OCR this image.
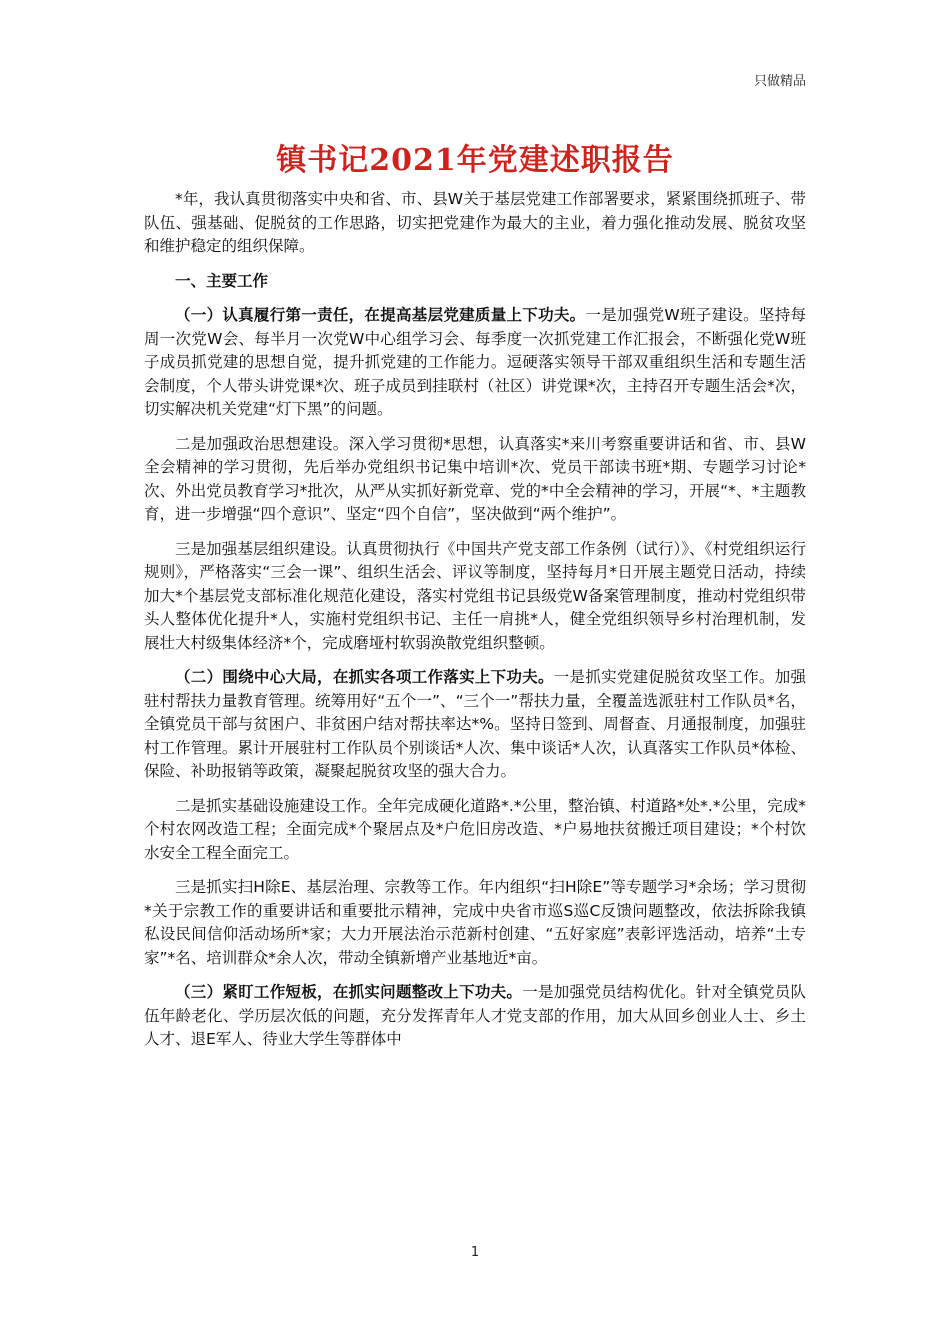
只做精品
镇书记2021年党建述职报告

*年，我认真贯彻落实中央和省、市、县W关于基层党建工作部署要求，紧紧围绕抓班子、带队伍、强基础、促脱贫的工作思路，切实把党建作为最大的主业，着力强化推动发展、脱贫攻坚和维护稳定的组织保障。

一、主要工作

（一）认真履行第一责任，在提高基层党建质量上下功夫。一是加强党W班子建设。坚持每周一次党W会、每半月一次党W中心组学习会、每季度一次抓党建工作汇报会，不断强化党W班子成员抓党建的思想自觉，提升抓党建的工作能力。逗硬落实领导干部双重组织生活和专题生活会制度，个人带头讲党课*次、班子成员到挂联村（社区）讲党课*次，主持召开专题生活会*次，切实解决机关党建“灯下黑”的问题。

二是加强政治思想建设。深入学习贯彻*思想，认真落实*来川考察重要讲话和省、市、县W全会精神的学习贯彻，先后举办党组织书记集中培训*次、党员干部读书班*期、专题学习讨论*次、外出党员教育学习*批次，从严从实抓好新党章、党的*中全会精神的学习，开展“*、*主题教育，进一步增强“四个意识”、坚定“四个自信”，坚决做到“两个维护”。

三是加强基层组织建设。认真贯彻执行《中国共产党支部工作条例（试行）》、《村党组织运行规则》，严格落实“三会一课”、组织生活会、评议等制度，坚持每月*日开展主题党日活动，持续加大*个基层党支部标准化规范化建设，落实村党组书记县级党W备案管理制度，推动村党组织带头人整体优化提升*人，实施村党组织书记、主任一肩挑*人，健全党组织领导乡村治理机制，发展壮大村级集体经济*个，完成磨垭村软弱涣散党组织整顿。

（二）围绕中心大局，在抓实各项工作落实上下功夫。一是抓实党建促脱贫攻坚工作。加强驻村帮扶力量教育管理。统筹用好“五个一”、“三个一”帮扶力量，全覆盖选派驻村工作队员*名，全镇党员干部与贫困户、非贫困户结对帮扶率达*%。坚持日签到、周督查、月通报制度，加强驻村工作管理。累计开展驻村工作队员个别谈话*人次、集中谈话*人次，认真落实工作队员*体检、保险、补助报销等政策，凝聚起脱贫攻坚的强大合力。

二是抓实基础设施建设工作。全年完成硬化道路*.*公里，整治镇、村道路*处*.*公里，完成*个村农网改造工程；全面完成*个聚居点及*户危旧房改造、*户易地扶贫搬迁项目建设；*个村饮水安全工程全面完工。

三是抓实扫H除E、基层治理、宗教等工作。年内组织“扫H除E”等专题学习*余场；学习贯彻*关于宗教工作的重要讲话和重要批示精神，完成中央省市巡S巡C反馈问题整改，依法拆除我镇私设民间信仰活动场所*家；大力开展法治示范新村创建、“五好家庭”表彰评选活动，培养“土专家”*名、培训群众*余人次，带动全镇新增产业基地近*亩。

（三）紧盯工作短板，在抓实问题整改上下功夫。一是加强党员结构优化。针对全镇党员队伍年龄老化、学历层次低的问题，充分发挥青年人才党支部的作用，加大从回乡创业人士、乡土人才、退E军人、待业大学生等群体中

1
